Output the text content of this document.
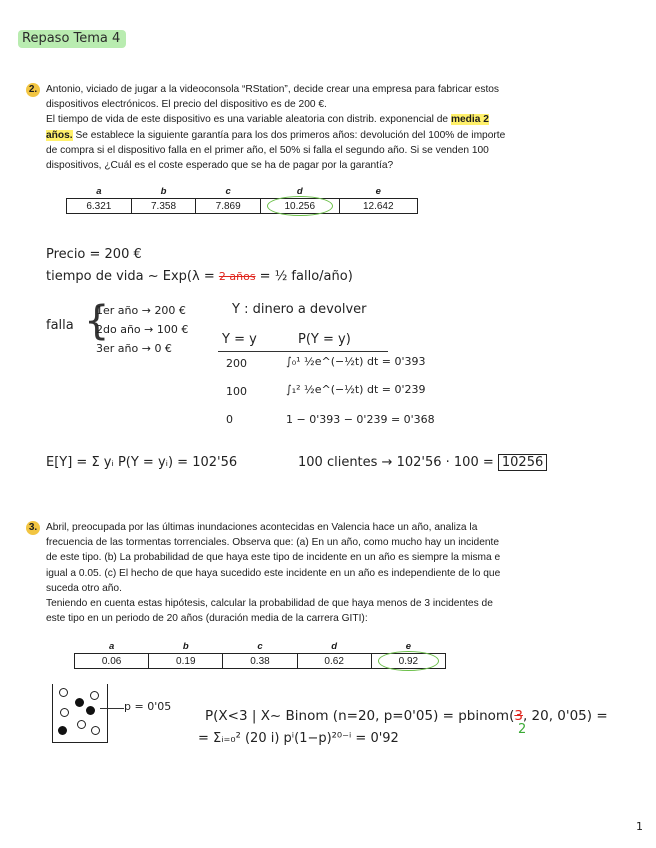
Repaso Tema 4
2. Antonio, viciado de jugar a la videoconsola “RStation”, decide crear una empresa para fabricar estos
dispositivos electrónicos. El precio del dispositivo es de 200 €.
El tiempo de vida de este dispositivo es una variable aleatoria con distrib. exponencial de media 2
años. Se establece la siguiente garantía para los dos primeros años: devolución del 100% de importe
de compra si el dispositivo falla en el primer año, el 50% si falla el segundo año. Si se venden 100
dispositivos, ¿Cuál es el coste esperado que se ha de pagar por la garantía?
a	b	c	d	e
6.321	7.358	7.869	10.256	12.642
Precio = 200 €
tiempo de vida ~ Exp(λ = 2 años = ½ fallo/año)
falla {
1er año → 200 €
2do año → 100 €
3er año → 0 €
Y : dinero a devolver
Y = y	P(Y = y)
200	∫₀¹ ½e^(−½t) dt = 0'393
100	∫₁² ½e^(−½t) dt = 0'239
0	1 − 0'393 − 0'239 = 0'368
E[Y] = Σ yᵢ P(Y = yᵢ) = 102'56	100 clientes → 102'56 · 100 = 10256
3. Abril, preocupada por las últimas inundaciones acontecidas en Valencia hace un año, analiza la
frecuencia de las tormentas torrenciales. Observa que: (a) En un año, como mucho hay un incidente
de este tipo. (b) La probabilidad de que haya este tipo de incidente en un año es siempre la misma e
igual a 0.05. (c) El hecho de que haya sucedido este incidente en un año es independiente de lo que
suceda otro año.
Teniendo en cuenta estas hipótesis, calcular la probabilidad de que haya menos de 3 incidentes de
este tipo en un periodo de 20 años (duración media de la carrera GITI):
a	b	c	d	e
0.06	0.19	0.38	0.62	0.92
p = 0'05
P(X<3 | X~ Binom (n=20, p=0'05) = pbinom(3, 20, 0'05) =
2
= Σᵢ₌₀² (20 i) pⁱ(1−p)²⁰⁻ⁱ = 0'92
1
